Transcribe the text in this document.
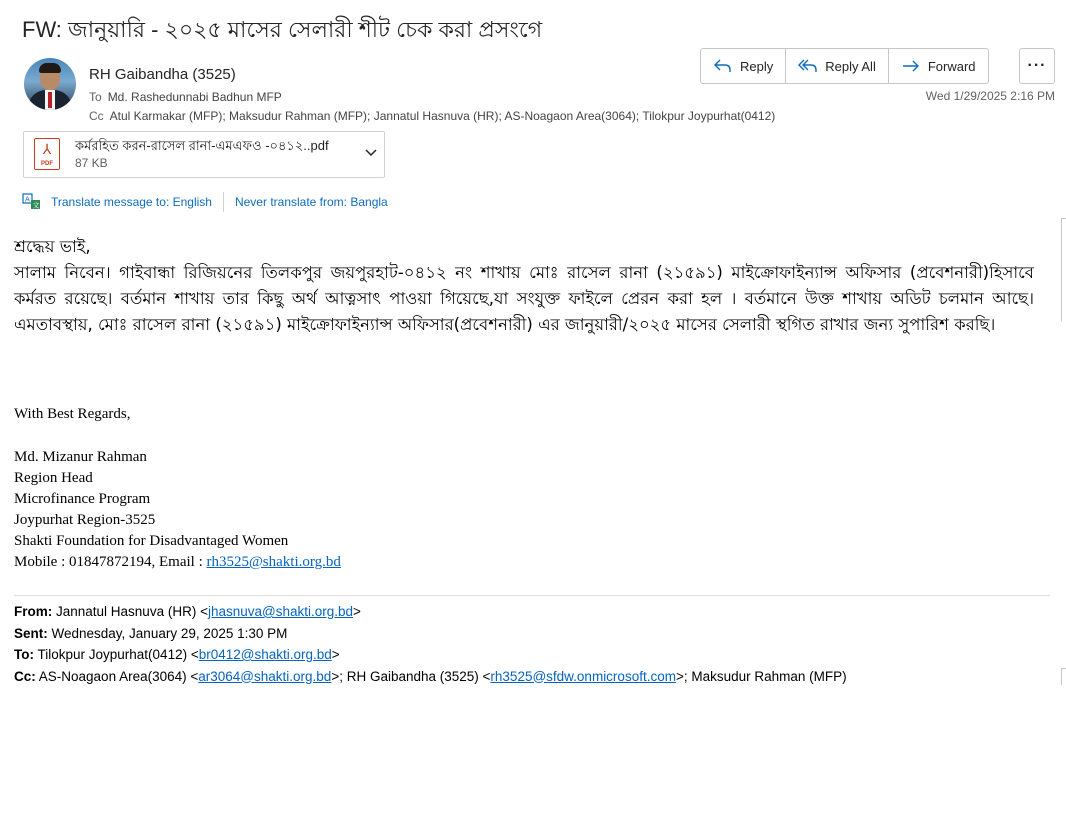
FW: জানুয়ারি - ২০২৫ মাসের সেলারী শীট চেক করা প্রসংগে
RH Gaibandha (3525)
To Md. Rashedunnabi Badhun MFP
Cc Atul Karmakar (MFP); Maksudur Rahman (MFP); Jannatul Hasnuva (HR); AS-Noagaon Area(3064); Tilokpur Joypurhat(0412)
Reply	Reply All	Forward	···
Wed 1/29/2025 2:16 PM
⅄
PDF
কর্মরহিত করন-রাসেল রানা-এমএফও -০৪১২..pdf
87 KB
A
文 Translate message to: English Never translate from: Bangla
শ্রদ্ধেয় ভাই,
সালাম নিবেন। গাইবান্ধা রিজিয়নের তিলকপুর জয়পুরহাট-০৪১২ নং শাখায় মোঃ রাসেল রানা (২১৫৯১) মাইক্রোফাইন্যান্স অফিসার (প্রবেশনারী)হিসাবে কর্মরত রয়েছে। বর্তমান শাখায় তার কিছু অর্থ আত্নসাৎ পাওয়া গিয়েছে,যা সংযুক্ত ফাইলে প্রেরন করা হল । বর্তমানে উক্ত শাখায় অডিট চলমান আছে। এমতাবস্থায়, মোঃ রাসেল রানা (২১৫৯১) মাইক্রোফাইন্যান্স অফিসার(প্রবেশনারী) এর জানুয়ারী/২০২৫ মাসের সেলারী স্থগিত রাখার জন্য সুপারিশ করছি।
With Best Regards,
Md. Mizanur Rahman
Region Head
Microfinance Program
Joypurhat Region-3525
Shakti Foundation for Disadvantaged Women
Mobile : 01847872194, Email : rh3525@shakti.org.bd
From: Jannatul Hasnuva (HR) <jhasnuva@shakti.org.bd>
Sent: Wednesday, January 29, 2025 1:30 PM
To: Tilokpur Joypurhat(0412) <br0412@shakti.org.bd>
Cc: AS-Noagaon Area(3064) <ar3064@shakti.org.bd>; RH Gaibandha (3525) <rh3525@sfdw.onmicrosoft.com>; Maksudur Rahman (MFP)
